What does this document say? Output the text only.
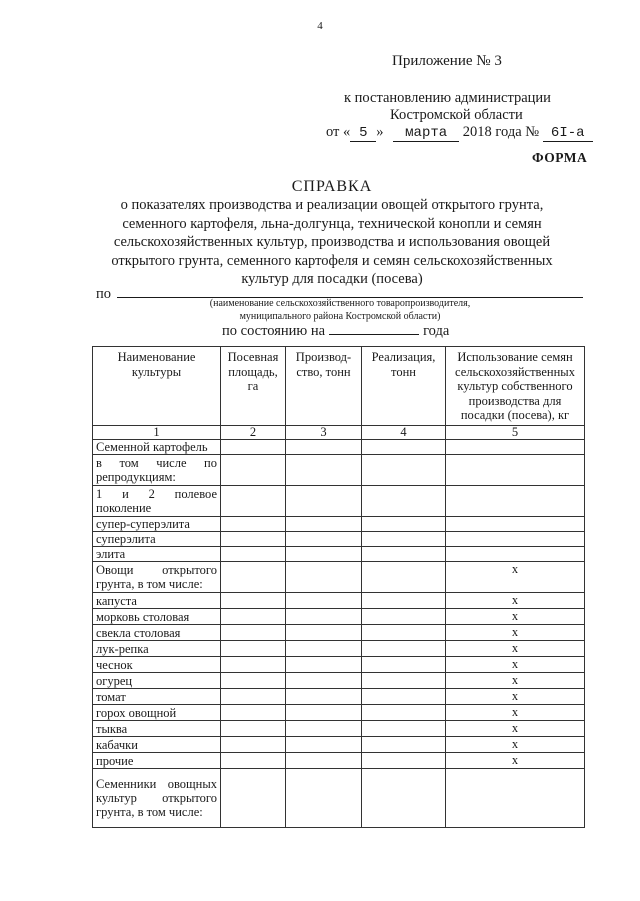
4
Приложение № 3
к постановлению администрации
Костромской области
от « 5 » марта 2018 года № 6I-а
ФОРМА
СПРАВКА
о показателях производства и реализации овощей открытого грунта, семенного картофеля, льна-долгунца, технической конопли и семян сельскохозяйственных культур, производства и использования овощей открытого грунта, семенного картофеля и семян сельскохозяйственных культур для посадки (посева)
по
(наименование сельскохозяйственного товаропроизводителя,
муниципального района Костромской области)
по состоянию на	года
Наименование культуры	Посевная площадь, га	Производ-ство, тонн	Реализация, тонн	Использование семян сельскохозяйственных культур собственного производства для посадки (посева), кг
1	2	3	4	5
Семенной картофель				
в том числе по репродукциям:				
1 и 2 полевое поколение				
супер-суперэлита				
суперэлита				
элита				
Овощи открытого грунта, в том числе:				х
капуста				х
морковь столовая				х
свекла столовая				х
лук-репка				х
чеснок				х
огурец				х
томат				х
горох овощной				х
тыква				х
кабачки				х
прочие				х
Семенники овощных культур открытого грунта, в том числе:				
